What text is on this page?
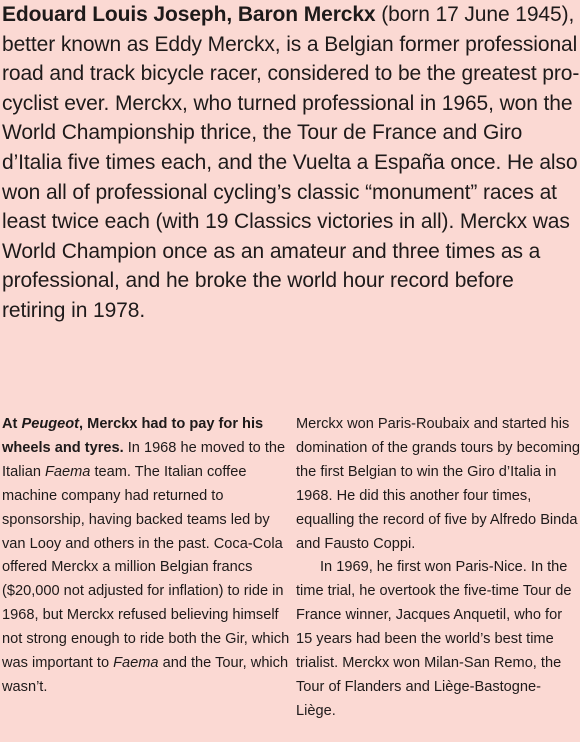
Edouard Louis Joseph, Baron Merckx (born 17 June 1945), better known as Eddy Merckx, is a Belgian former professional road and track bicycle racer, considered to be the greatest pro-cyclist ever. Merckx, who turned professional in 1965, won the World Championship thrice, the Tour de France and Giro d’Italia five times each, and the Vuelta a España once. He also won all of professional cycling’s classic “monument” races at least twice each (with 19 Classics victories in all). Merckx was World Champion once as an amateur and three times as a professional, and he broke the world hour record before retiring in 1978.

At Peugeot, Merckx had to pay for his wheels and tyres. In 1968 he moved to the Italian Faema team. The Italian coffee machine company had returned to sponsorship, having backed teams led by van Looy and others in the past. Coca-Cola offered Merckx a million Belgian francs ($20,000 not adjusted for inflation) to ride in 1968, but Merckx refused believing himself not strong enough to ride both the Gir, which was important to Faema and the Tour, which wasn’t.
Merckx won Paris-Roubaix and started his domination of the grands tours by becoming the first Belgian to win the Giro d’Italia in 1968. He did this another four times, equalling the record of five by Alfredo Binda and Fausto Coppi.
In 1969, he first won Paris-Nice. In the time trial, he overtook the five-time Tour de France winner, Jacques Anquetil, who for 15 years had been the world’s best time trialist. Merckx won Milan-San Remo, the Tour of Flanders and Liège-Bastogne-Liège.
